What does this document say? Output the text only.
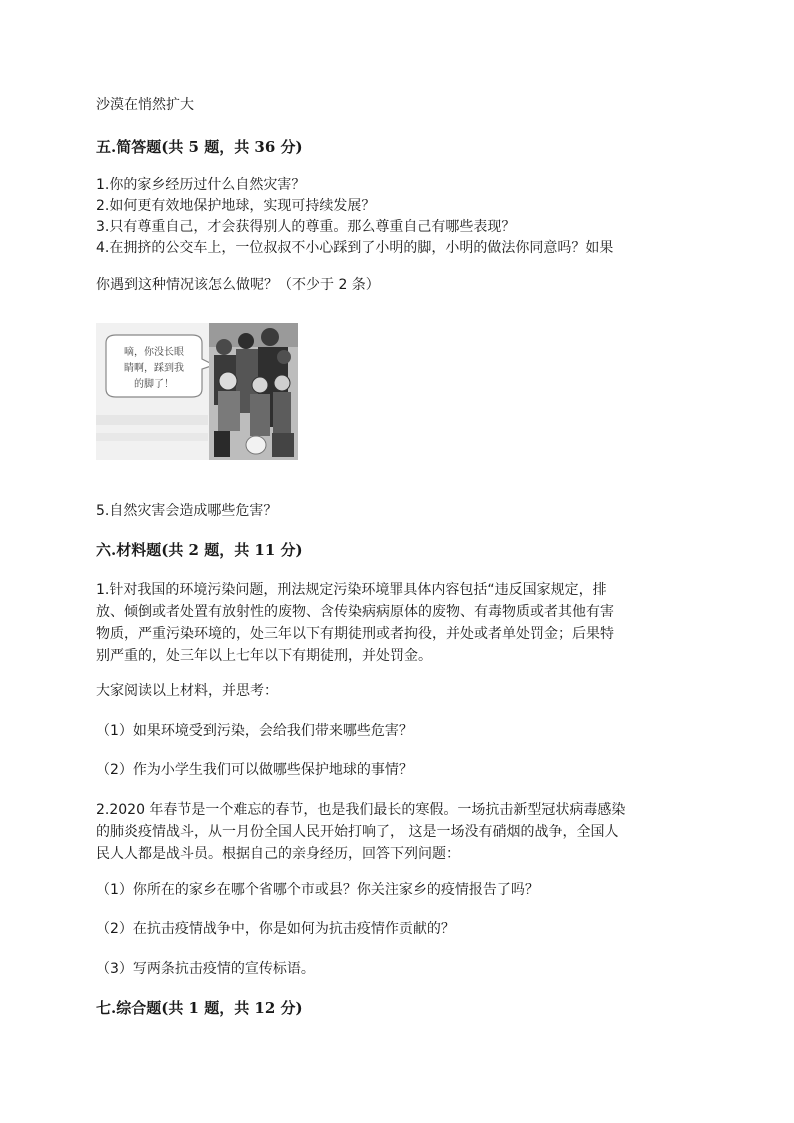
沙漠在悄然扩大
五.简答题(共 5 题，共 36 分)
1.你的家乡经历过什么自然灾害？
2.如何更有效地保护地球，实现可持续发展？
3.只有尊重自己，才会获得别人的尊重。那么尊重自己有哪些表现？
4.在拥挤的公交车上，一位叔叔不小心踩到了小明的脚，小明的做法你同意吗？如果
你遇到这种情况该怎么做呢？（不少于 2 条）
嘀，你没长眼
睛啊，踩到我
的脚了！
5.自然灾害会造成哪些危害？
六.材料题(共 2 题，共 11 分)
1.针对我国的环境污染问题，刑法规定污染环境罪具体内容包括“违反国家规定，排
放、倾倒或者处置有放射性的废物、含传染病病原体的废物、有毒物质或者其他有害
物质，严重污染环境的，处三年以下有期徒刑或者拘役，并处或者单处罚金；后果特
别严重的，处三年以上七年以下有期徒刑，并处罚金。
大家阅读以上材料，并思考：
（1）如果环境受到污染，会给我们带来哪些危害？
（2）作为小学生我们可以做哪些保护地球的事情？
2.2020 年春节是一个难忘的春节，也是我们最长的寒假。一场抗击新型冠状病毒感染
的肺炎疫情战斗，从一月份全国人民开始打响了， 这是一场没有硝烟的战争，全国人
民人人都是战斗员。根据自己的亲身经历，回答下列问题：
（1）你所在的家乡在哪个省哪个市或县？你关注家乡的疫情报告了吗？
（2）在抗击疫情战争中，你是如何为抗击疫情作贡献的？
（3）写两条抗击疫情的宣传标语。
七.综合题(共 1 题，共 12 分)
